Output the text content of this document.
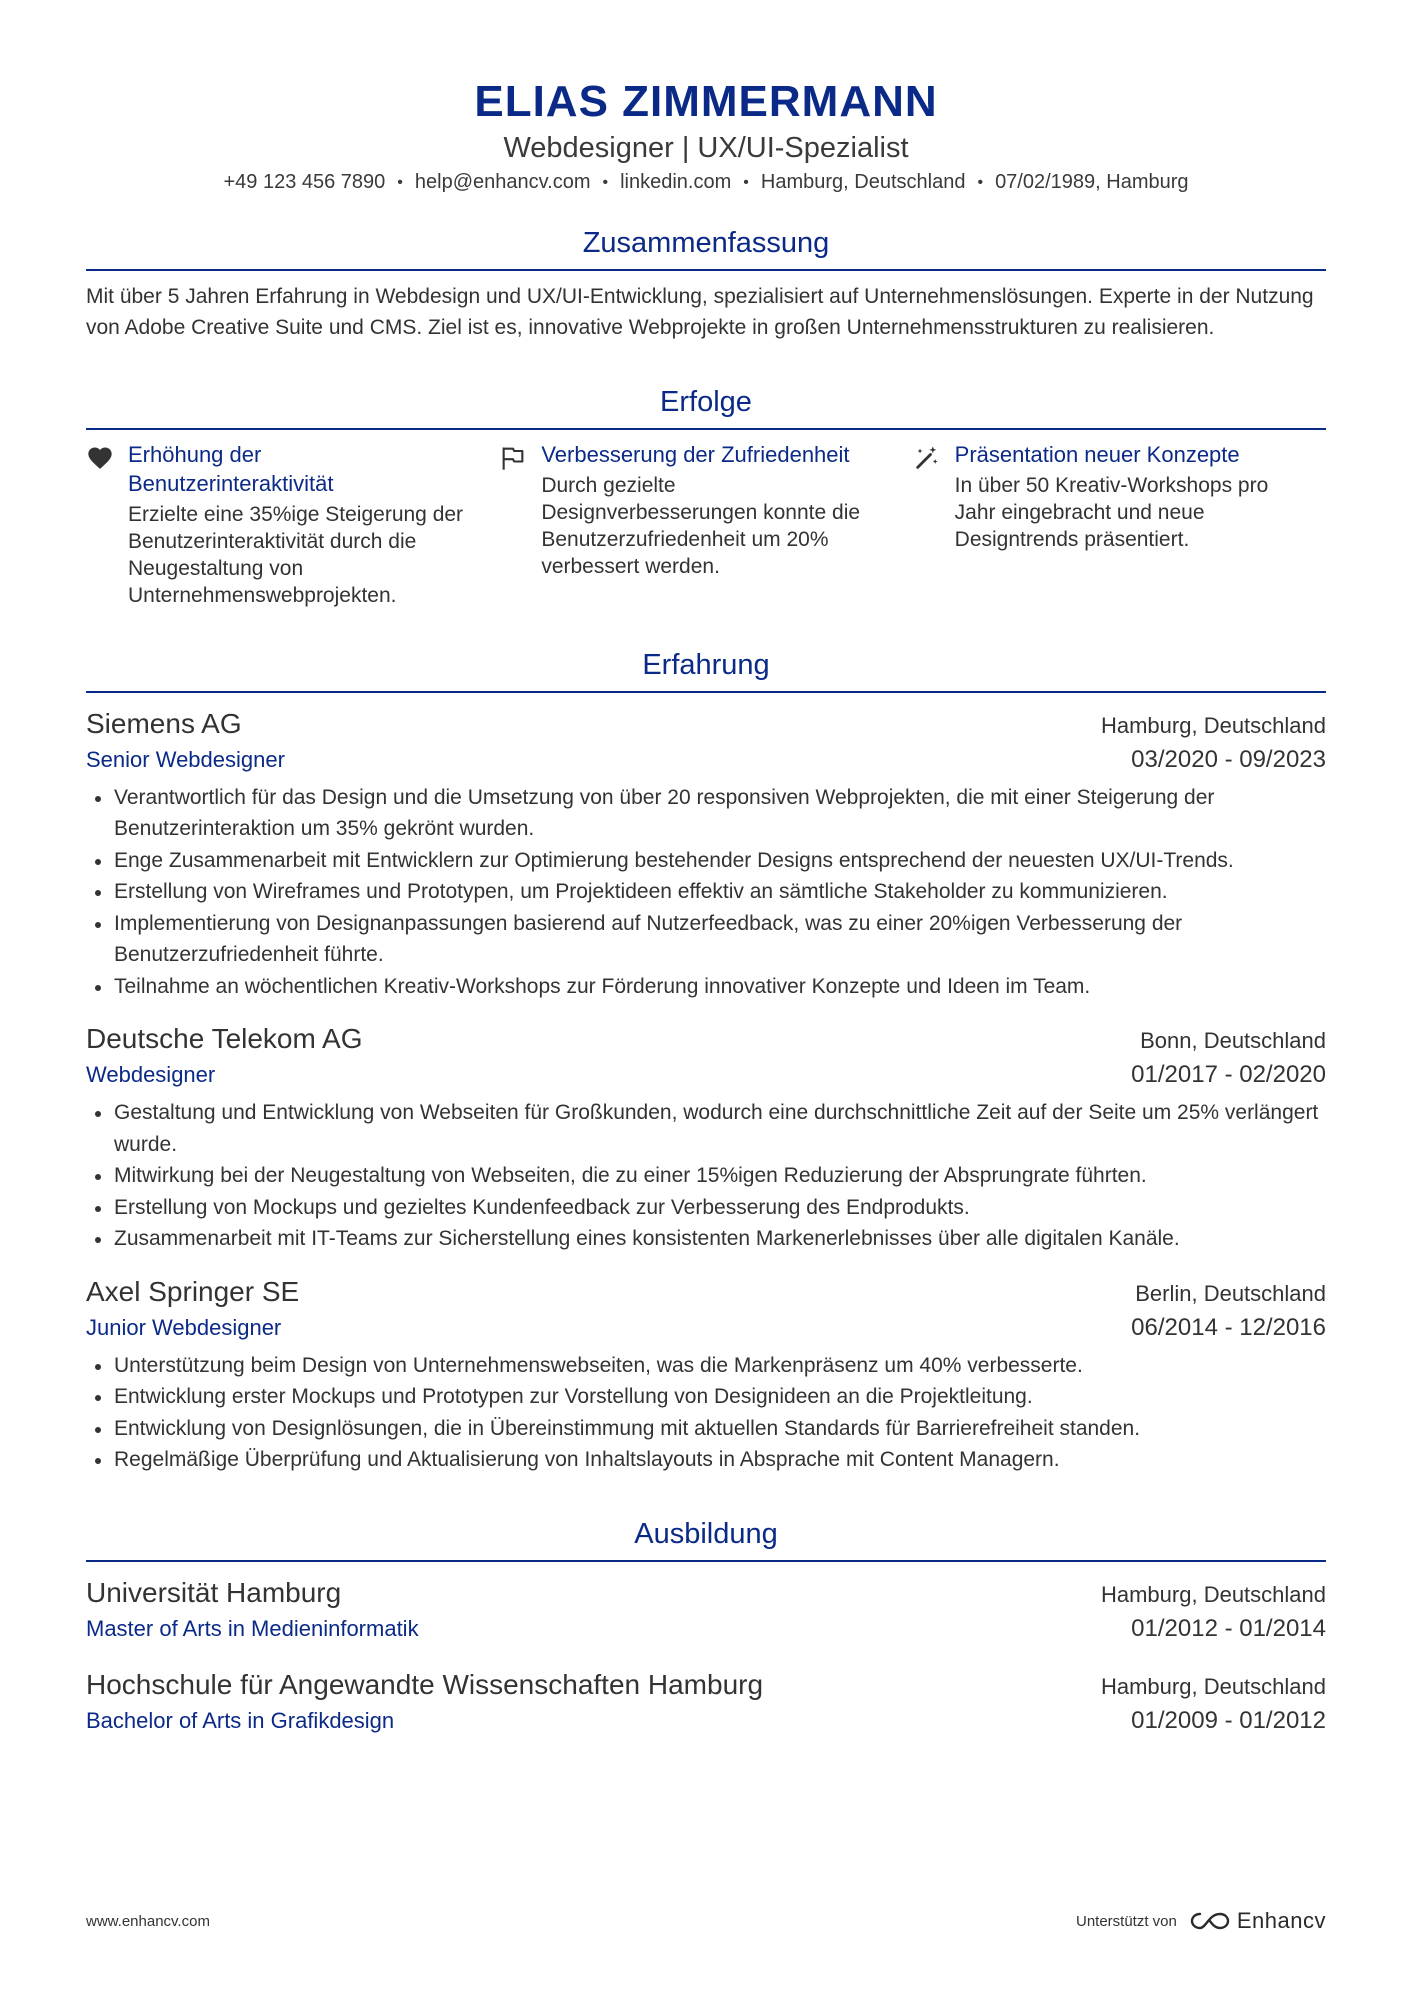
ELIAS ZIMMERMANN
Webdesigner | UX/UI-Spezialist
+49 123 456 7890 • help@enhancv.com • linkedin.com • Hamburg, Deutschland • 07/02/1989, Hamburg
Zusammenfassung
Mit über 5 Jahren Erfahrung in Webdesign und UX/UI-Entwicklung, spezialisiert auf Unternehmenslösungen. Experte in der Nutzung von Adobe Creative Suite und CMS. Ziel ist es, innovative Webprojekte in großen Unternehmensstrukturen zu realisieren.
Erfolge
Erhöhung der Benutzerinteraktivität
Erzielte eine 35%ige Steigerung der Benutzerinteraktivität durch die Neugestaltung von Unternehmenswebprojekten.
Verbesserung der Zufriedenheit
Durch gezielte Designverbesserungen konnte die Benutzerzufriedenheit um 20% verbessert werden.
Präsentation neuer Konzepte
In über 50 Kreativ-Workshops pro Jahr eingebracht und neue Designtrends präsentiert.
Erfahrung
Siemens AG	Hamburg, Deutschland
Senior Webdesigner	03/2020 - 09/2023
Verantwortlich für das Design und die Umsetzung von über 20 responsiven Webprojekten, die mit einer Steigerung der Benutzerinteraktion um 35% gekrönt wurden.
Enge Zusammenarbeit mit Entwicklern zur Optimierung bestehender Designs entsprechend der neuesten UX/UI-Trends.
Erstellung von Wireframes und Prototypen, um Projektideen effektiv an sämtliche Stakeholder zu kommunizieren.
Implementierung von Designanpassungen basierend auf Nutzerfeedback, was zu einer 20%igen Verbesserung der Benutzerzufriedenheit führte.
Teilnahme an wöchentlichen Kreativ-Workshops zur Förderung innovativer Konzepte und Ideen im Team.
Deutsche Telekom AG	Bonn, Deutschland
Webdesigner	01/2017 - 02/2020
Gestaltung und Entwicklung von Webseiten für Großkunden, wodurch eine durchschnittliche Zeit auf der Seite um 25% verlängert wurde.
Mitwirkung bei der Neugestaltung von Webseiten, die zu einer 15%igen Reduzierung der Absprungrate führten.
Erstellung von Mockups und gezieltes Kundenfeedback zur Verbesserung des Endprodukts.
Zusammenarbeit mit IT-Teams zur Sicherstellung eines konsistenten Markenerlebnisses über alle digitalen Kanäle.
Axel Springer SE	Berlin, Deutschland
Junior Webdesigner	06/2014 - 12/2016
Unterstützung beim Design von Unternehmenswebseiten, was die Markenpräsenz um 40% verbesserte.
Entwicklung erster Mockups und Prototypen zur Vorstellung von Designideen an die Projektleitung.
Entwicklung von Designlösungen, die in Übereinstimmung mit aktuellen Standards für Barrierefreiheit standen.
Regelmäßige Überprüfung und Aktualisierung von Inhaltslayouts in Absprache mit Content Managern.
Ausbildung
Universität Hamburg	Hamburg, Deutschland
Master of Arts in Medieninformatik	01/2012 - 01/2014
Hochschule für Angewandte Wissenschaften Hamburg	Hamburg, Deutschland
Bachelor of Arts in Grafikdesign	01/2009 - 01/2012
www.enhancv.com	Unterstützt von	Enhancv
